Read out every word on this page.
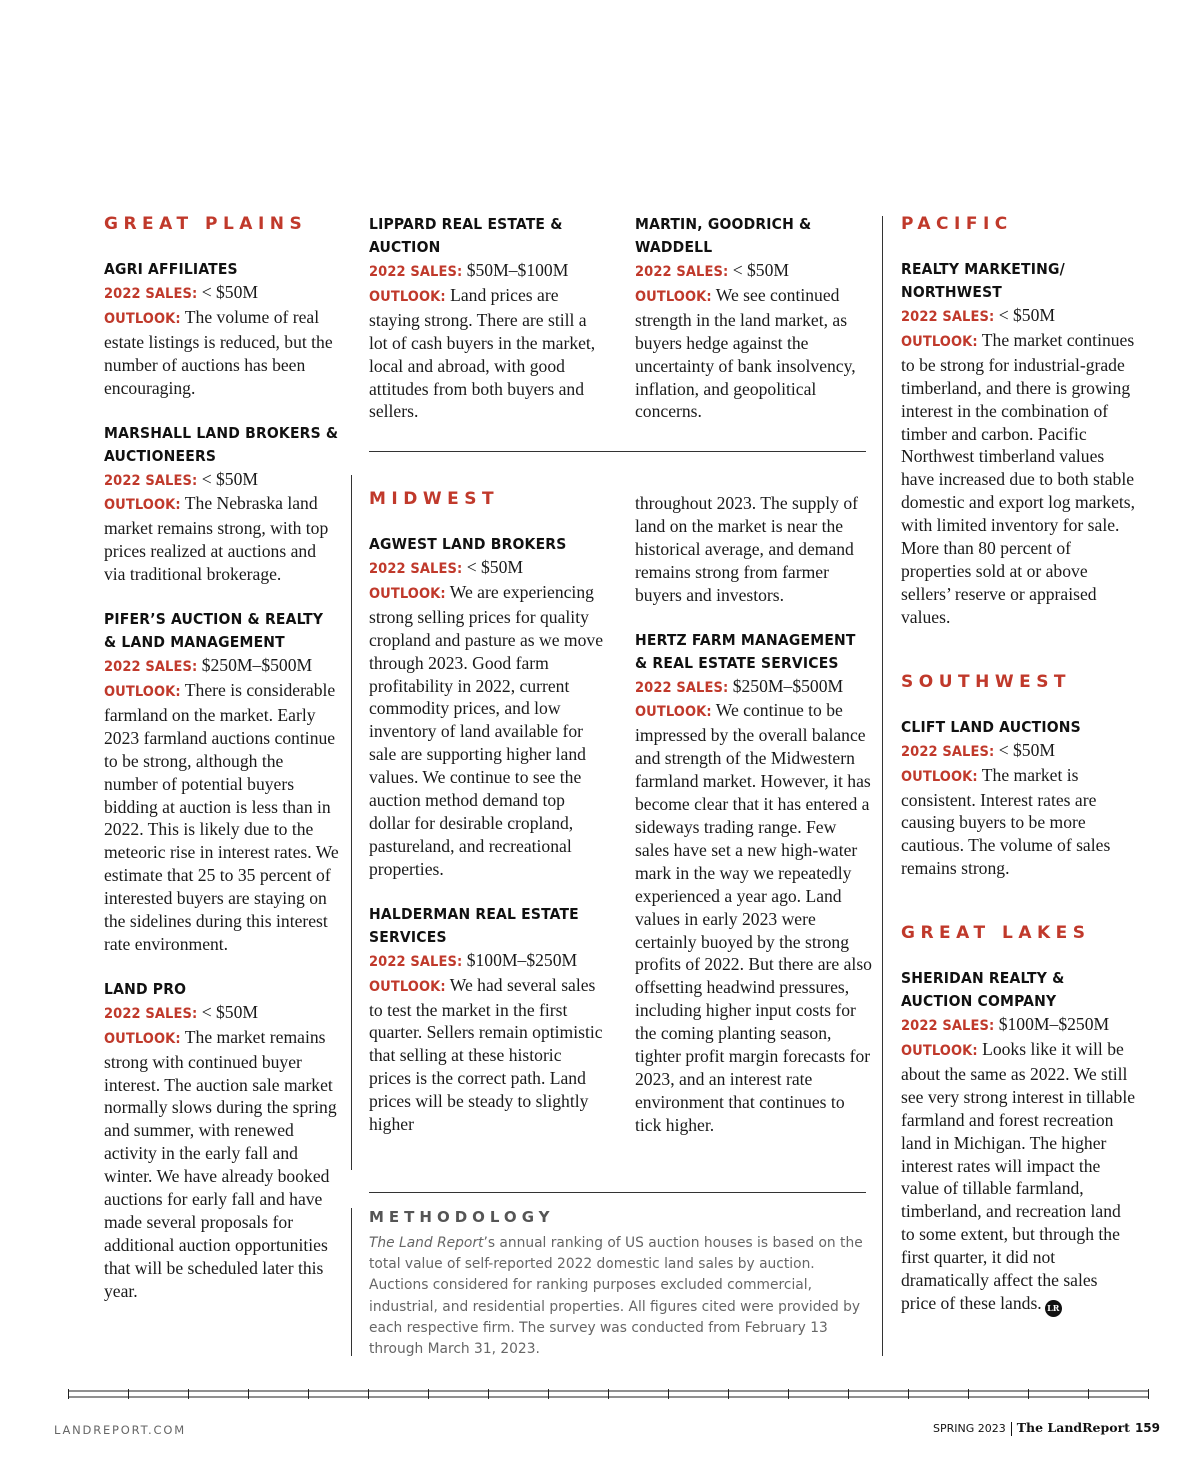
GREAT PLAINS
AGRI AFFILIATES
2022 SALES: < $50M
OUTLOOK: The volume of real estate listings is reduced, but the number of auctions has been encouraging.
MARSHALL LAND BROKERS & AUCTIONEERS
2022 SALES: < $50M
OUTLOOK: The Nebraska land market remains strong, with top prices realized at auctions and via traditional brokerage.
PIFER’S AUCTION & REALTY & LAND MANAGEMENT
2022 SALES: $250M–$500M
OUTLOOK: There is considerable farmland on the market. Early 2023 farmland auctions continue to be strong, although the number of potential buyers bidding at auction is less than in 2022. This is likely due to the meteoric rise in interest rates. We estimate that 25 to 35 percent of interested buyers are staying on the sidelines during this interest rate environment.
LAND PRO
2022 SALES: < $50M
OUTLOOK: The market remains strong with continued buyer interest. The auction sale market normally slows during the spring and summer, with renewed activity in the early fall and winter. We have already booked auctions for early fall and have made several proposals for additional auction opportunities that will be scheduled later this year.
LIPPARD REAL ESTATE & AUCTION
2022 SALES: $50M–$100M
OUTLOOK: Land prices are staying strong. There are still a lot of cash buyers in the market, local and abroad, with good attitudes from both buyers and sellers.
MARTIN, GOODRICH & WADDELL
2022 SALES: < $50M
OUTLOOK: We see continued strength in the land market, as buyers hedge against the uncertainty of bank insolvency, inflation, and geopolitical concerns.
MIDWEST
AGWEST LAND BROKERS
2022 SALES: < $50M
OUTLOOK: We are experiencing strong selling prices for quality cropland and pasture as we move through 2023. Good farm profitability in 2022, current commodity prices, and low inventory of land available for sale are supporting higher land values. We continue to see the auction method demand top dollar for desirable cropland, pastureland, and recreational properties.
HALDERMAN REAL ESTATE SERVICES
2022 SALES: $100M–$250M
OUTLOOK: We had several sales to test the market in the first quarter. Sellers remain optimistic that selling at these historic prices is the correct path. Land prices will be steady to slightly higher
throughout 2023. The supply of land on the market is near the historical average, and demand remains strong from farmer buyers and investors.
HERTZ FARM MANAGEMENT & REAL ESTATE SERVICES
2022 SALES: $250M–$500M
OUTLOOK: We continue to be impressed by the overall balance and strength of the Midwestern farmland market. However, it has become clear that it has entered a sideways trading range. Few sales have set a new high-water mark in the way we repeatedly experienced a year ago. Land values in early 2023 were certainly buoyed by the strong profits of 2022. But there are also offsetting headwind pressures, including higher input costs for the coming planting season, tighter profit margin forecasts for 2023, and an interest rate environment that continues to tick higher.
PACIFIC
REALTY MARKETING/ NORTHWEST
2022 SALES: < $50M
OUTLOOK: The market continues to be strong for industrial-grade timberland, and there is growing interest in the combination of timber and carbon. Pacific Northwest timberland values have increased due to both stable domestic and export log markets, with limited inventory for sale. More than 80 percent of properties sold at or above sellers’ reserve or appraised values.
SOUTHWEST
CLIFT LAND AUCTIONS
2022 SALES: < $50M
OUTLOOK: The market is consistent. Interest rates are causing buyers to be more cautious. The volume of sales remains strong.
GREAT LAKES
SHERIDAN REALTY & AUCTION COMPANY
2022 SALES: $100M–$250M
OUTLOOK: Looks like it will be about the same as 2022. We still see very strong interest in tillable farmland and forest recreation land in Michigan. The higher interest rates will impact the value of tillable farmland, timberland, and recreation land to some extent, but through the first quarter, it did not dramatically affect the sales price of these lands. LR
METHODOLOGY
The Land Report’s annual ranking of US auction houses is based on the total value of self-reported 2022 domestic land sales by auction. Auctions considered for ranking purposes excluded commercial, industrial, and residential properties. All figures cited were provided by each respective firm. The survey was conducted from February 13 through March 31, 2023.
LANDREPORT.COM	SPRING 2023 The LandReport 159
